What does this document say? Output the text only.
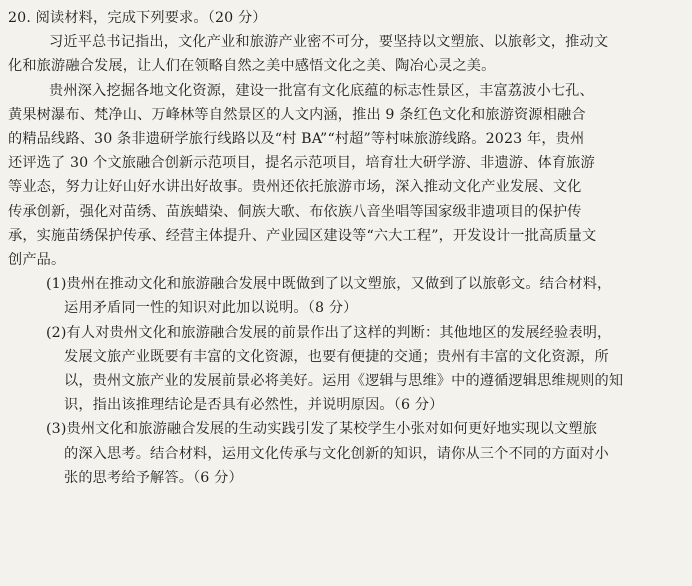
20. 阅读材料，完成下列要求。（20 分）
习近平总书记指出，文化产业和旅游产业密不可分，要坚持以文塑旅、以旅彰文，推动文
化和旅游融合发展，让人们在领略自然之美中感悟文化之美、陶冶心灵之美。
贵州深入挖掘各地文化资源，建设一批富有文化底蕴的标志性景区，丰富荔波小七孔、
黄果树瀑布、梵净山、万峰林等自然景区的人文内涵，推出 9 条红色文化和旅游资源相融合
的精品线路、30 条非遗研学旅行线路以及“村 BA”“村超”等村味旅游线路。2023 年，贵州
还评选了 30 个文旅融合创新示范项目，提名示范项目，培育壮大研学游、非遗游、体育旅游
等业态，努力让好山好水讲出好故事。贵州还依托旅游市场，深入推动文化产业发展、文化
传承创新，强化对苗绣、苗族蜡染、侗族大歌、布依族八音坐唱等国家级非遗项目的保护传
承，实施苗绣保护传承、经营主体提升、产业园区建设等“六大工程”，开发设计一批高质量文
创产品。
(1)贵州在推动文化和旅游融合发展中既做到了以文塑旅，又做到了以旅彰文。结合材料，
运用矛盾同一性的知识对此加以说明。（8 分）
(2)有人对贵州文化和旅游融合发展的前景作出了这样的判断：其他地区的发展经验表明，
发展文旅产业既要有丰富的文化资源，也要有便捷的交通；贵州有丰富的文化资源，所
以，贵州文旅产业的发展前景必将美好。运用《逻辑与思维》中的遵循逻辑思维规则的知
识，指出该推理结论是否具有必然性，并说明原因。（6 分）
(3)贵州文化和旅游融合发展的生动实践引发了某校学生小张对如何更好地实现以文塑旅
的深入思考。结合材料，运用文化传承与文化创新的知识，请你从三个不同的方面对小
张的思考给予解答。（6 分）
